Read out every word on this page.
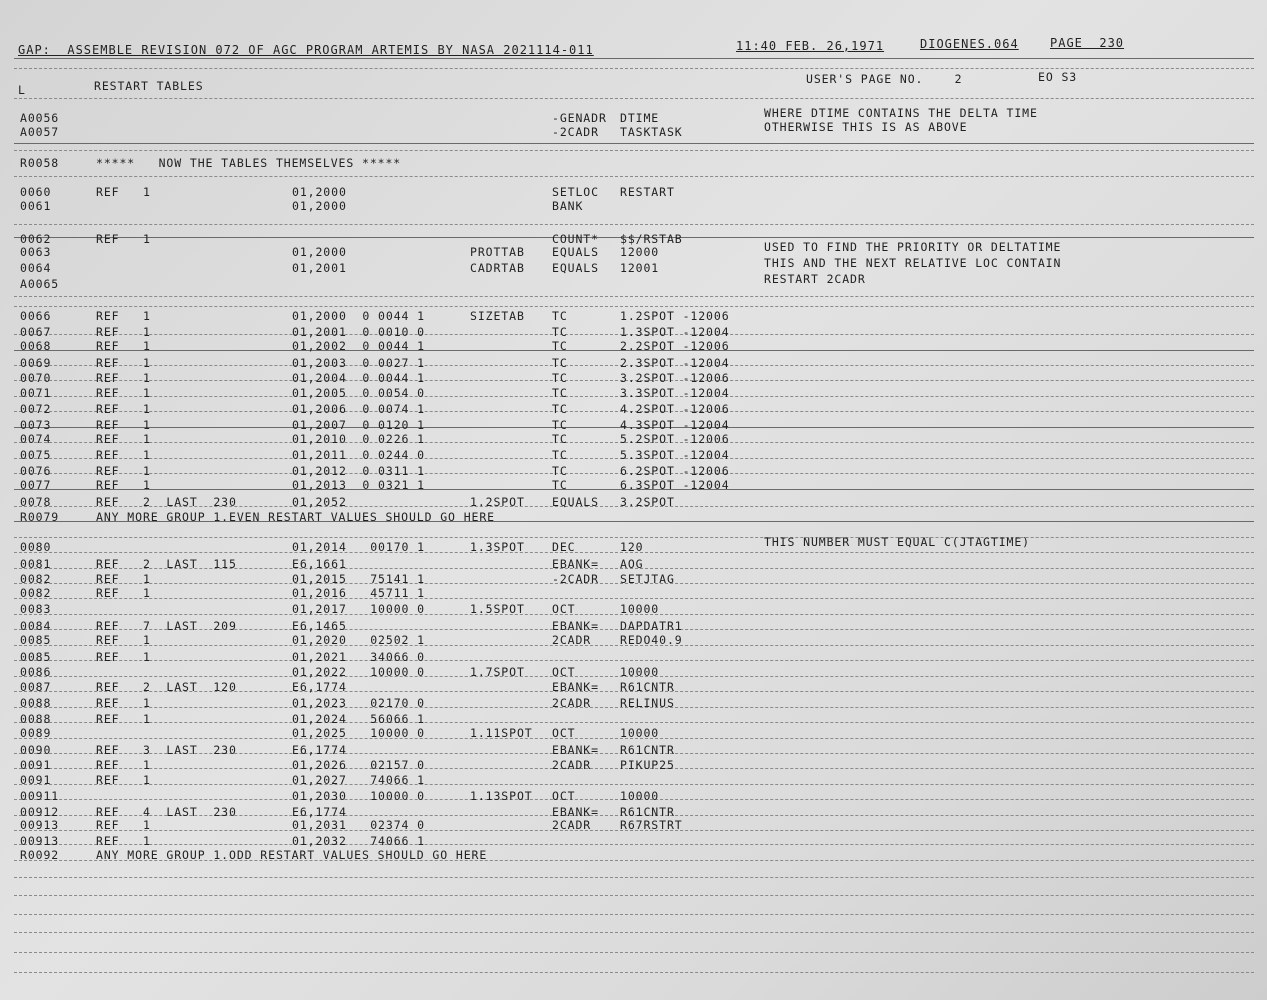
GAP:  ASSEMBLE REVISION 072 OF AGC PROGRAM ARTEMIS BY NASA 2021114-011	11:40 FEB. 26,1971	DIOGENES.064	PAGE  230
L	RESTART TABLES	USER'S PAGE NO.    2	EO S3
A0056	-GENADR DTIME	WHERE DTIME CONTAINS THE DELTA TIME
A0057	-2CADR TASKTASK	OTHERWISE THIS IS AS ABOVE
R0058	*****   NOW THE TABLES THEMSELVES *****
0060	REF   1	01,2000	SETLOC RESTART
0061	01,2000	BANK
0062	REF   1	COUNT* $$/RSTAB
0063	01,2000	PROTTAB EQUALS 12000	USED TO FIND THE PRIORITY OR DELTATIME
0064	01,2001	CADRTAB EQUALS 12001	THIS AND THE NEXT RELATIVE LOC CONTAIN
A0065	RESTART 2CADR
0066	REF   1	01,2000  0 0044 1	SIZETAB TC	1.2SPOT -12006
0067	REF   1	01,2001  0 0010 0	TC	1.3SPOT -12004
0068	REF   1	01,2002  0 0044 1	TC	2.2SPOT -12006
0069	REF   1	01,2003  0 0027 1	TC	2.3SPOT -12004
0070	REF   1	01,2004  0 0044 1	TC	3.2SPOT -12006
0071	REF   1	01,2005  0 0054 0	TC	3.3SPOT -12004
0072	REF   1	01,2006  0 0074 1	TC	4.2SPOT -12006
0073	REF   1	01,2007  0 0120 1	TC	4.3SPOT -12004
0074	REF   1	01,2010  0 0226 1	TC	5.2SPOT -12006
0075	REF   1	01,2011  0 0244 0	TC	5.3SPOT -12004
0076	REF   1	01,2012  0 0311 1	TC	6.2SPOT -12006
0077	REF   1	01,2013  0 0321 1	TC	6.3SPOT -12004
0078	REF   2  LAST  230	01,2052	1.2SPOT EQUALS 3.2SPOT
R0079	ANY MORE GROUP 1.EVEN RESTART VALUES SHOULD GO HERE
0080	01,2014   00170 1	1.3SPOT DEC	120	THIS NUMBER MUST EQUAL C(JTAGTIME)
0081	REF   2  LAST  115	E6,1661	EBANK= AOG
0082	REF   1	01,2015   75141 1	-2CADR SETJTAG
0082	REF   1	01,2016   45711 1
0083	01,2017   10000 0	1.5SPOT OCT	10000
0084	REF   7  LAST  209	E6,1465	EBANK= DAPDATR1
0085	REF   1	01,2020   02502 1	2CADR	REDO40.9
0085	REF   1	01,2021   34066 0
0086	01,2022   10000 0	1.7SPOT OCT	10000
0087	REF   2  LAST  120	E6,1774	EBANK= R61CNTR
0088	REF   1	01,2023   02170 0	2CADR	RELINUS
0088	REF   1	01,2024   56066 1
0089	01,2025   10000 0	1.11SPOT OCT	10000
0090	REF   3  LAST  230	E6,1774	EBANK= R61CNTR
0091	REF   1	01,2026   02157 0	2CADR	PIKUP25
0091	REF   1	01,2027   74066 1
00911	01,2030   10000 0	1.13SPOT OCT	10000
00912	REF   4  LAST  230	E6,1774	EBANK= R61CNTR
00913	REF   1	01,2031   02374 0	2CADR	R67RSTRT
00913	REF   1	01,2032   74066 1
R0092	ANY MORE GROUP 1.ODD RESTART VALUES SHOULD GO HERE
